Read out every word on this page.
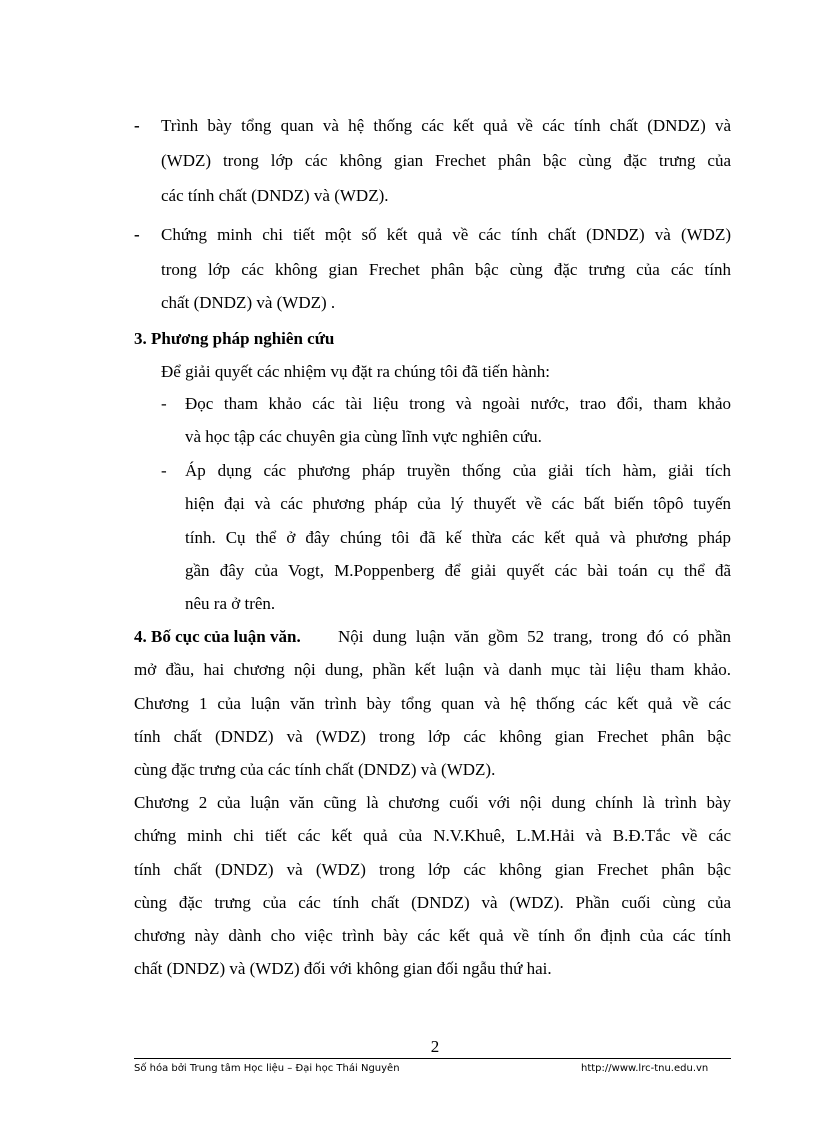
- Trình bày tổng quan và hệ thống các kết quả về các tính chất (DNDZ) và
(WDZ) trong lớp các không gian Frechet phân bậc cùng đặc trưng của
các tính chất (DNDZ) và (WDZ).
- Chứng minh chi tiết một số kết quả về các tính chất (DNDZ) và (WDZ)
trong lớp các không gian Frechet phân bậc cùng đặc trưng của các tính
chất (DNDZ) và (WDZ) .
3. Phương pháp nghiên cứu
Để giải quyết các nhiệm vụ đặt ra chúng tôi đã tiến hành:
- Đọc tham khảo các tài liệu trong và ngoài nước, trao đổi, tham khảo
và học tập các chuyên gia cùng lĩnh vực nghiên cứu.
- Áp dụng các phương pháp truyền thống của giải tích hàm, giải tích
hiện đại và các phương pháp của lý thuyết về các bất biến tôpô tuyến
tính. Cụ thể ở đây chúng tôi đã kế thừa các kết quả và phương pháp
gần đây của Vogt, M.Poppenberg để giải quyết các bài toán cụ thể đã
nêu ra ở trên.
4. Bố cục của luận văn. Nội dung luận văn gồm 52 trang, trong đó có phần
mở đầu, hai chương nội dung, phần kết luận và danh mục tài liệu tham khảo.
Chương 1 của luận văn trình bày tổng quan và hệ thống các kết quả về các
tính chất (DNDZ) và (WDZ) trong lớp các không gian Frechet phân bậc
cùng đặc trưng của các tính chất (DNDZ) và (WDZ).
Chương 2 của luận văn cũng là chương cuối với nội dung chính là trình bày
chứng minh chi tiết các kết quả của N.V.Khuê, L.M.Hải và B.Đ.Tắc về các
tính chất (DNDZ) và (WDZ) trong lớp các không gian Frechet phân bậc
cùng đặc trưng của các tính chất (DNDZ) và (WDZ). Phần cuối cùng của
chương này dành cho việc trình bày các kết quả về tính ổn định của các tính
chất (DNDZ) và (WDZ) đối với không gian đối ngẫu thứ hai.
2
Số hóa bởi Trung tâm Học liệu – Đại học Thái Nguyên	http://www.lrc-tnu.edu.vn
